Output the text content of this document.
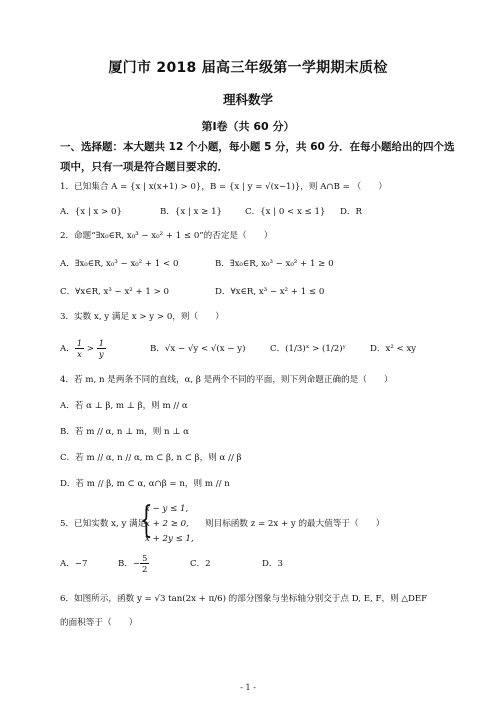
厦门市 2018 届高三年级第一学期期末质检
理科数学
第Ⅰ卷（共 60 分）
一、选择题：本大题共 12 个小题，每小题 5 分，共 60 分．在每小题给出的四个选项中，只有一项是符合题目要求的．
1．已知集合 A = {x | x(x+1) > 0}，B = {x | y = √(x−1)}，则 A∩B = （　　）
A．{x | x > 0}	B．{x | x ≥ 1}	C．{x | 0 < x ≤ 1} D．R
2．命题“∃x₀∈R, x₀³ − x₀² + 1 ≤ 0”的否定是（　　）
A．∃x₀∈R, x₀³ − x₀² + 1 < 0	B．∃x₀∈R, x₀³ − x₀² + 1 ≥ 0
C．∀x∈R, x³ − x² + 1 > 0	D．∀x∈R, x³ − x² + 1 ≤ 0
3．实数 x, y 满足 x > y > 0，则（　　）
A． $\frac{1}{x} > \frac{1}{y}$	B．√x − √y < √(x − y)	C．(1/3)ˣ > (1/2)ʸ	D．x² < xy
4．若 m, n 是两条不同的直线，α, β 是两个不同的平面，则下列命题正确的是（　　）
A．若 α ⊥ β, m ⊥ β，则 m // α
B．若 m // α, n ⊥ m，则 n ⊥ α
C．若 m // α, n // α, m ⊂ β, n ⊂ β，则 α // β
D．若 m // β, m ⊂ α, α∩β = n，则 m // n
5．已知实数 x, y 满足
{
x − y ≤ 1,
x + 2 ≥ 0,
x + 2y ≤ 1,
则目标函数 z = 2x + y 的最大值等于（　　）
A．−7	B．− $\frac{5}{2}$	C．2	D．3
6．如图所示，函数 y = √3 tan(2x + π/6) 的部分图象与坐标轴分别交于点 D, E, F，则 △DEF
的面积等于（　　）
- 1 -
